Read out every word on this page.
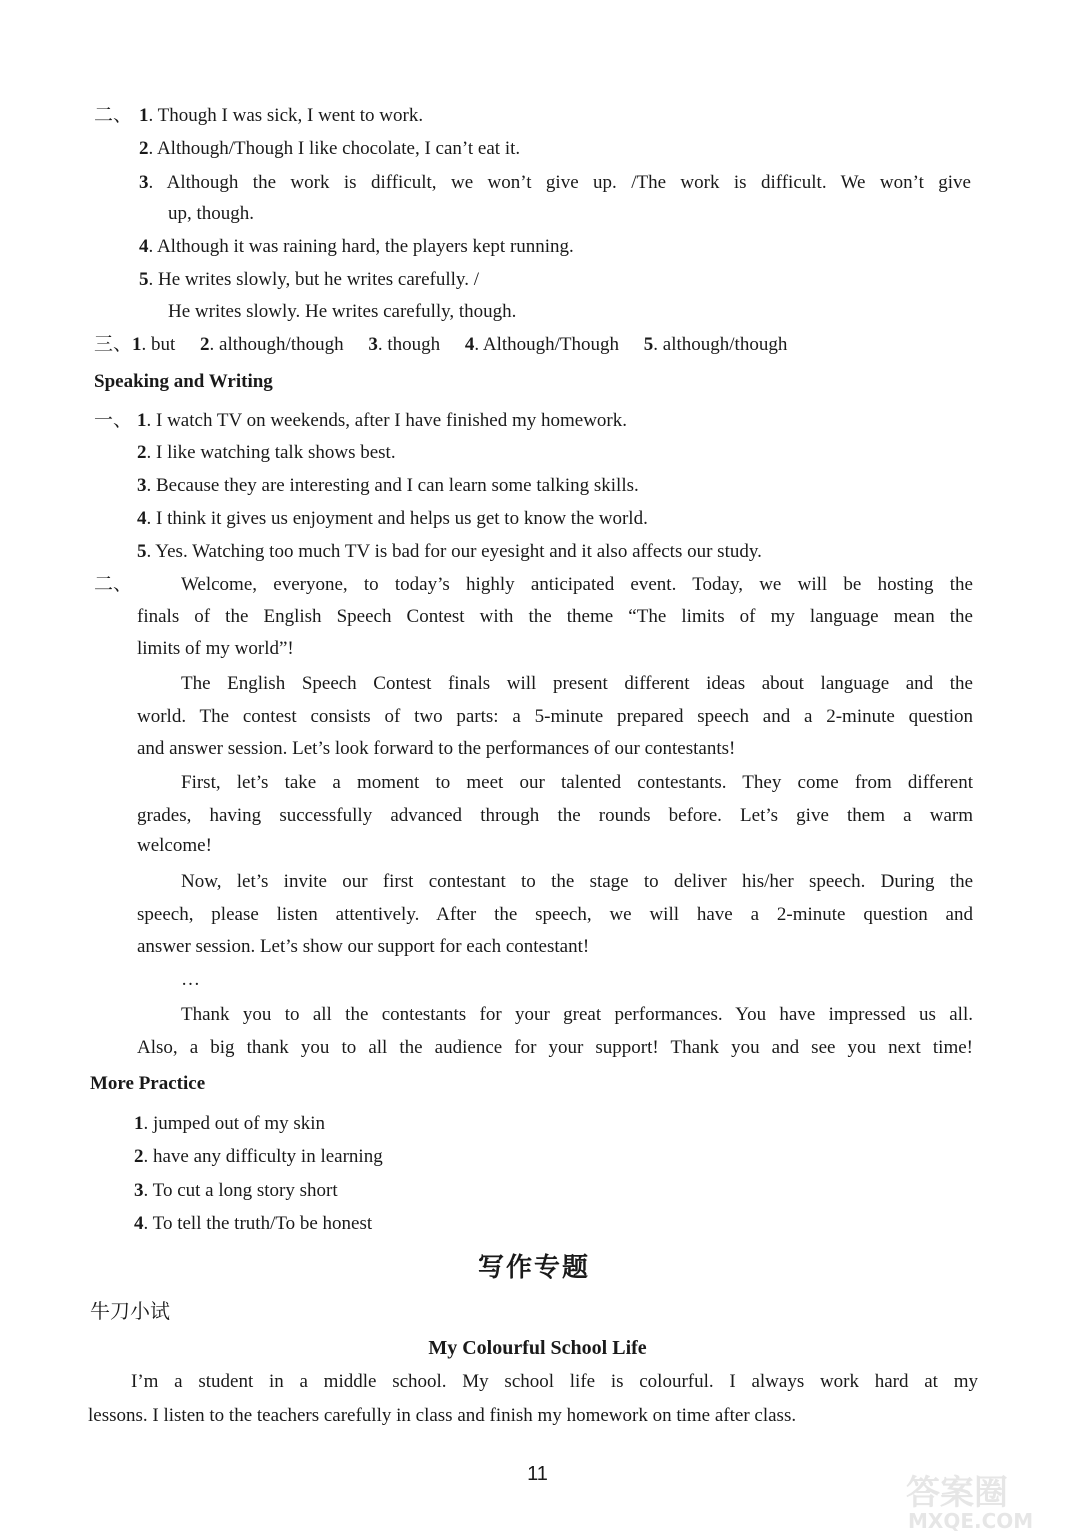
二、 1. Though I was sick, I went to work.
2. Although/Though I like chocolate, I can’t eat it.
3. Although the work is difficult, we won’t give up. /The work is difficult. We won’t give
up, though.
4. Although it was raining hard, the players kept running.
5. He writes slowly, but he writes carefully. /
He writes slowly. He writes carefully, though.
三、1. but 2. although/though 3. though 4. Although/Though 5. although/though
Speaking and Writing
一、 1. I watch TV on weekends, after I have finished my homework.
2. I like watching talk shows best.
3. Because they are interesting and I can learn some talking skills.
4. I think it gives us enjoyment and helps us get to know the world.
5. Yes. Watching too much TV is bad for our eyesight and it also affects our study.
二、	Welcome, everyone, to today’s highly anticipated event. Today, we will be hosting the
finals of the English Speech Contest with the theme “The limits of my language mean the
limits of my world”!
The English Speech Contest finals will present different ideas about language and the
world. The contest consists of two parts: a 5-minute prepared speech and a 2-minute question
and answer session. Let’s look forward to the performances of our contestants!
First, let’s take a moment to meet our talented contestants. They come from different
grades, having successfully advanced through the rounds before. Let’s give them a warm
welcome!
Now, let’s invite our first contestant to the stage to deliver his/her speech. During the
speech, please listen attentively. After the speech, we will have a 2-minute question and
answer session. Let’s show our support for each contestant!
…
Thank you to all the contestants for your great performances. You have impressed us all.
Also, a big thank you to all the audience for your support! Thank you and see you next time!
More Practice
1. jumped out of my skin
2. have any difficulty in learning
3. To cut a long story short
4. To tell the truth/To be honest
写作专题
牛刀小试
My Colourful School Life
I’m a student in a middle school. My school life is colourful. I always work hard at my
lessons. I listen to the teachers carefully in class and finish my homework on time after class.
11	答案圈
MXQE.COM
